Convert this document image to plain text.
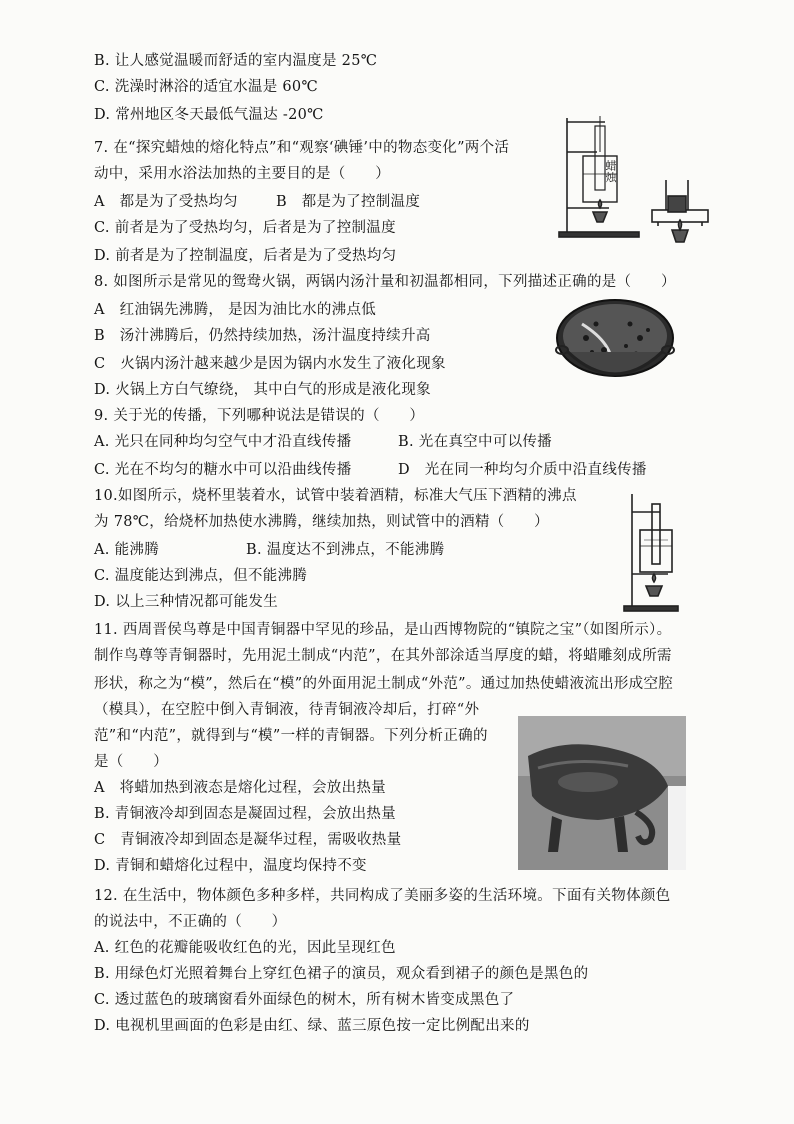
B. 让人感觉温暖而舒适的室内温度是 25℃
C. 洗澡时淋浴的适宜水温是 60℃
D. 常州地区冬天最低气温达 -20℃
7. 在“探究蜡烛的熔化特点”和“观察‘碘锤’中的物态变化”两个活
动中，采用水浴法加热的主要目的是（　　）
A　都是为了受热均匀	B　都是为了控制温度
C. 前者是为了受热均匀，后者是为了控制温度
D. 前者是为了控制温度，后者是为了受热均匀
8. 如图所示是常见的鸳鸯火锅，两锅内汤汁量和初温都相同，下列描述正确的是（　　）
A　红油锅先沸腾， 是因为油比水的沸点低
B　汤汁沸腾后，仍然持续加热，汤汁温度持续升高
C　火锅内汤汁越来越少是因为锅内水发生了液化现象
D. 火锅上方白气缭绕， 其中白气的形成是液化现象
9. 关于光的传播，下列哪种说法是错误的（　　）
A. 光只在同种均匀空气中才沿直线传播	B. 光在真空中可以传播
C. 光在不均匀的糖水中可以沿曲线传播	D　光在同一种均匀介质中沿直线传播
10.如图所示，烧杯里装着水，试管中装着酒精，标准大气压下酒精的沸点
为 78℃，给烧杯加热使水沸腾，继续加热，则试管中的酒精（　　）
A. 能沸腾	B. 温度达不到沸点，不能沸腾
C. 温度能达到沸点，但不能沸腾
D. 以上三种情况都可能发生
11. 西周晋侯鸟尊是中国青铜器中罕见的珍品，是山西博物院的“镇院之宝”（如图所示）。
制作鸟尊等青铜器时，先用泥土制成“内范”，在其外部涂适当厚度的蜡，将蜡雕刻成所需
形状，称之为“模”，然后在“模”的外面用泥土制成“外范”。通过加热使蜡液流出形成空腔
（模具），在空腔中倒入青铜液，待青铜液冷却后，打碎“外
范”和“内范”，就得到与“模”一样的青铜器。下列分析正确的
是（　　）
A　将蜡加热到液态是熔化过程，会放出热量
B. 青铜液冷却到固态是凝固过程，会放出热量
C　青铜液冷却到固态是凝华过程，需吸收热量
D. 青铜和蜡熔化过程中，温度均保持不变
12. 在生活中，物体颜色多种多样，共同构成了美丽多姿的生活环境。下面有关物体颜色
的说法中，不正确的（　　）
A. 红色的花瓣能吸收红色的光，因此呈现红色
B. 用绿色灯光照着舞台上穿红色裙子的演员，观众看到裙子的颜色是黑色的
C. 透过蓝色的玻璃窗看外面绿色的树木，所有树木皆变成黑色了
D. 电视机里画面的色彩是由红、绿、蓝三原色按一定比例配出来的
蜡烛
